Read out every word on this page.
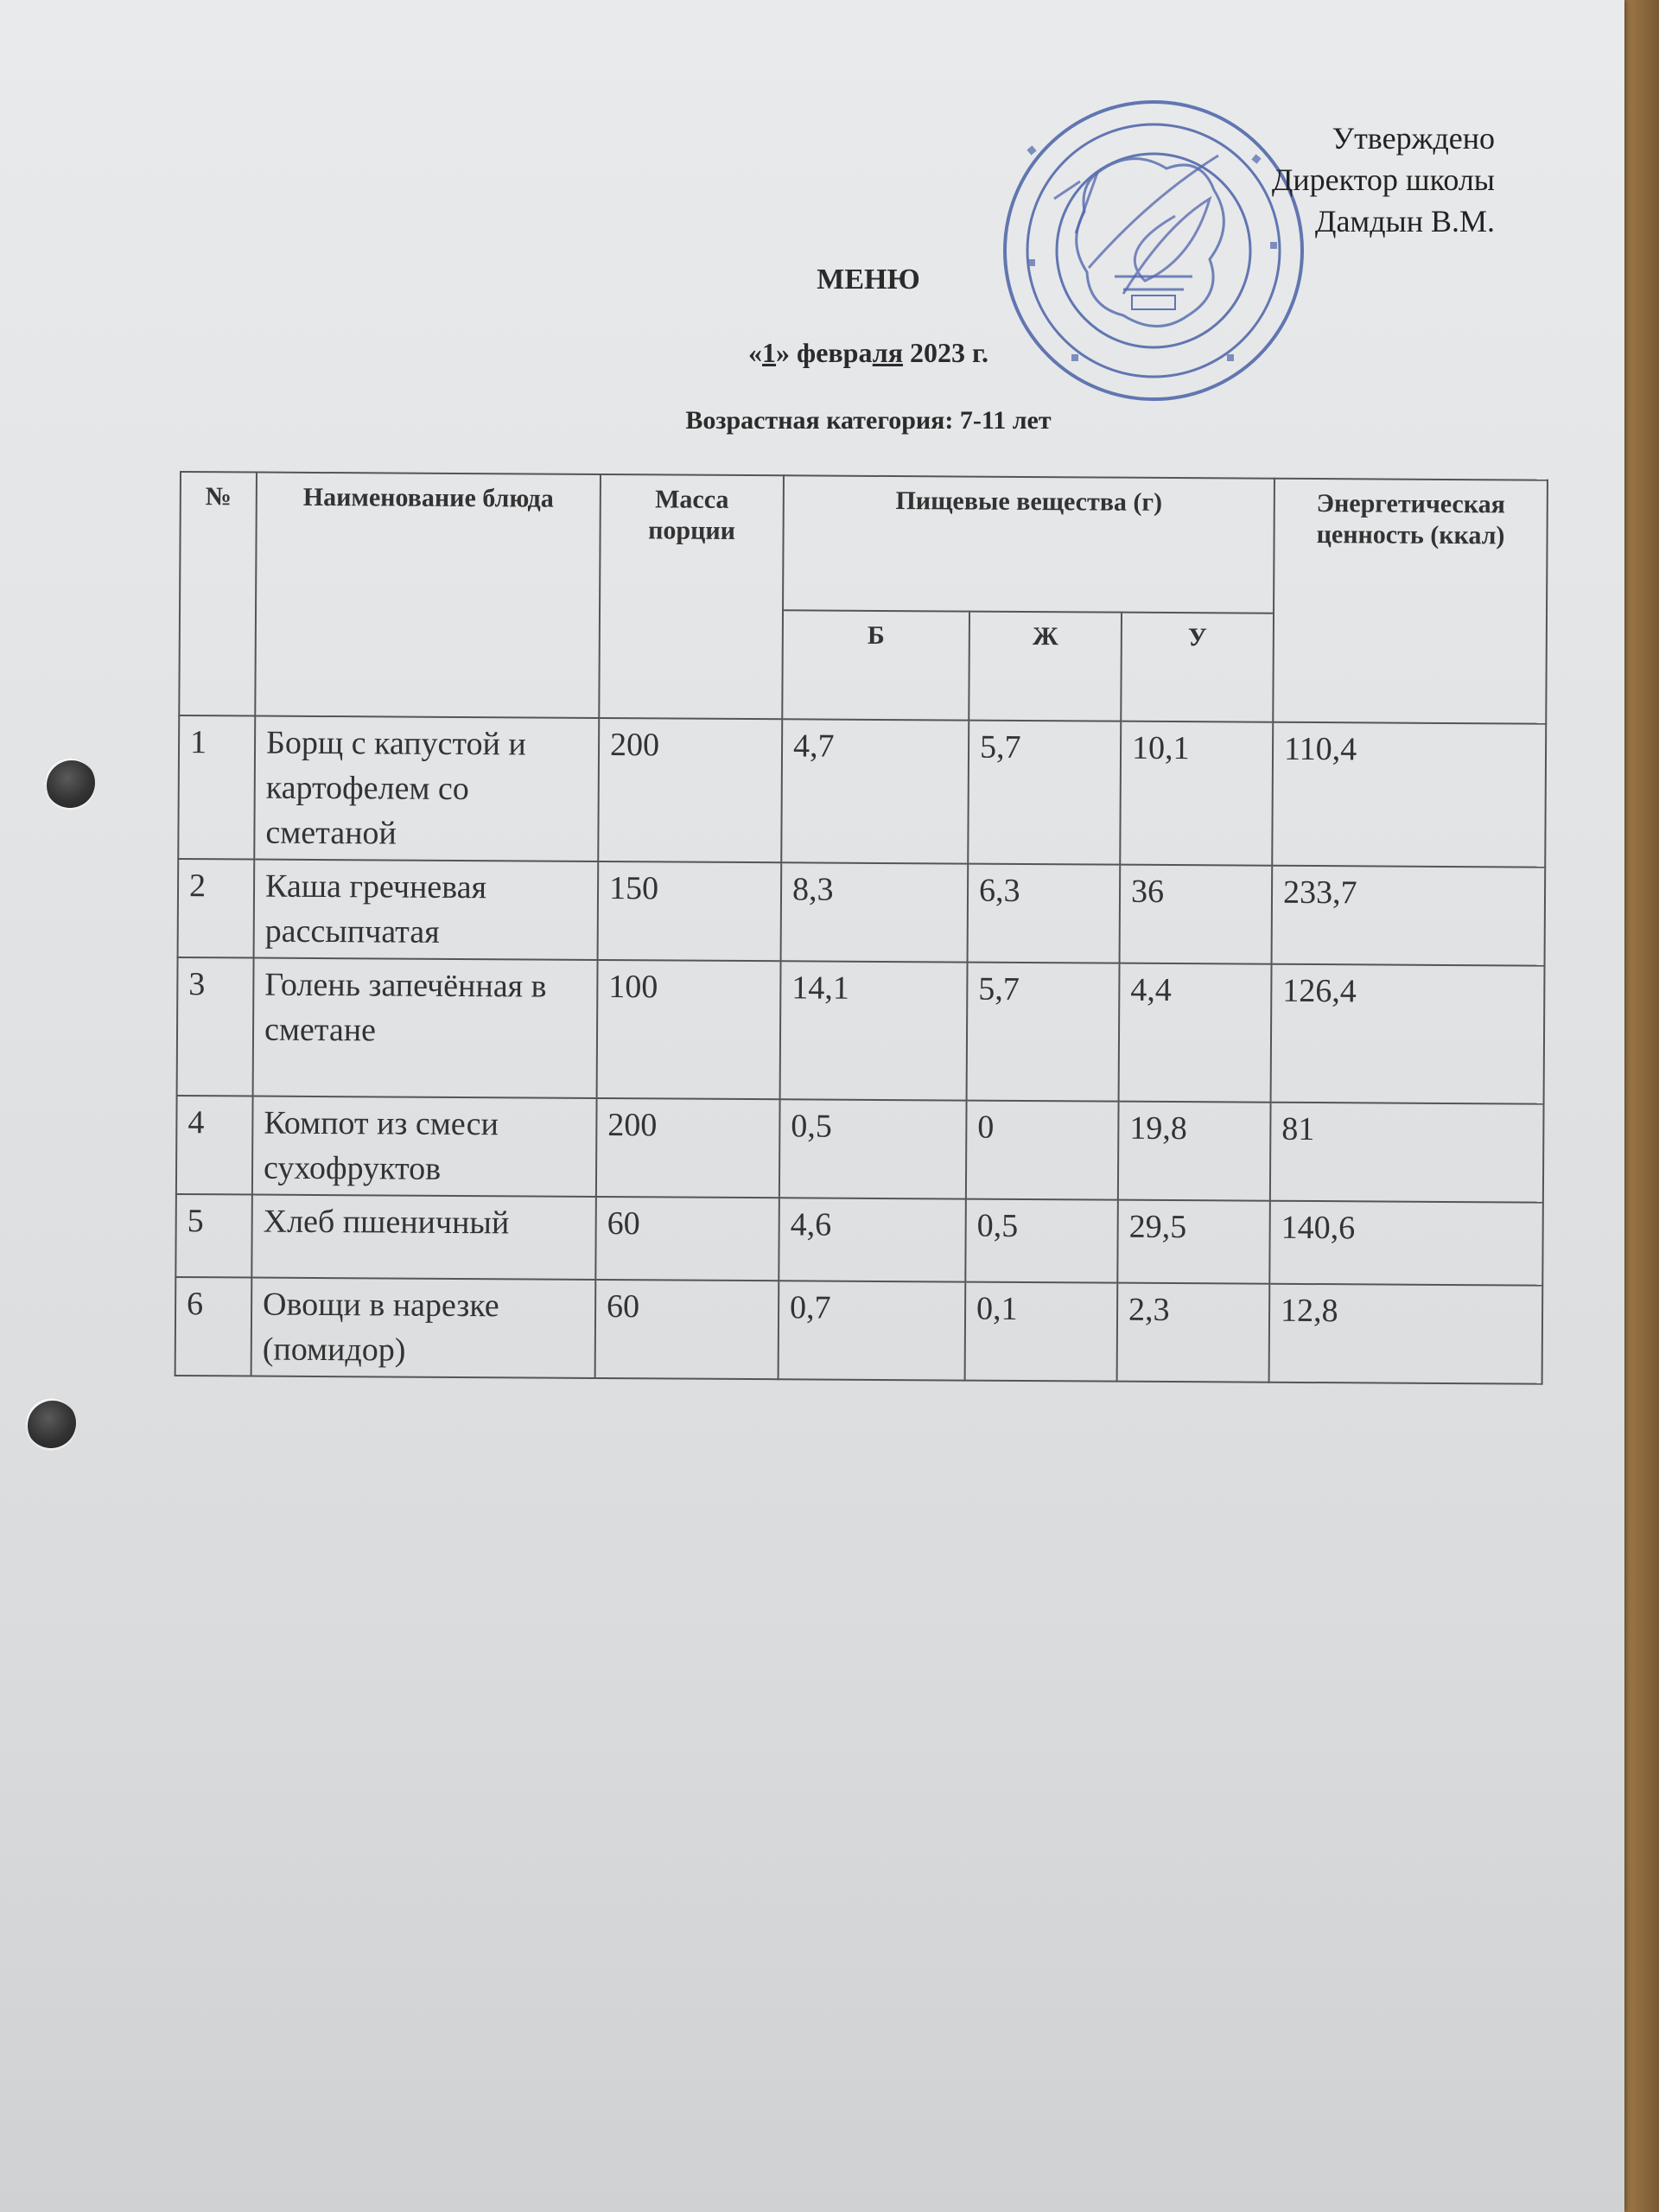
Утверждено
Директор школы
Дамдын В.М.
МЕНЮ
«1» февраля 2023 г.
Возрастная категория: 7-11 лет
№	Наименование блюда	Масса порции	Пищевые вещества (г)			Энергетическая ценность (ккал)
			Б	Ж	У	
1	Борщ с капустой и картофелем со сметаной	200	4,7	5,7	10,1	110,4
2	Каша гречневая рассыпчатая	150	8,3	6,3	36	233,7
3	Голень запечённая в сметане	100	14,1	5,7	4,4	126,4
4	Компот из смеси сухофруктов	200	0,5	0	19,8	81
5	Хлеб пшеничный	60	4,6	0,5	29,5	140,6
6	Овощи в нарезке (помидор)	60	0,7	0,1	2,3	12,8
